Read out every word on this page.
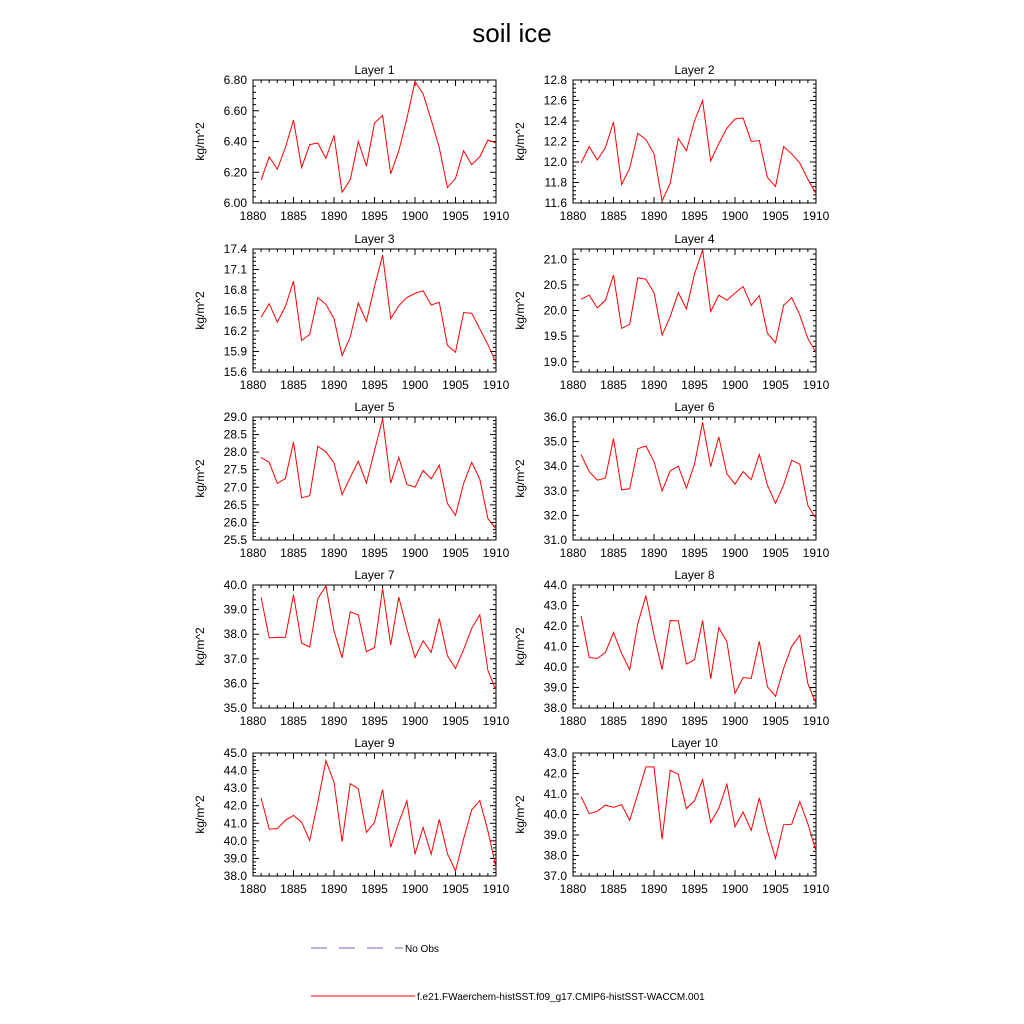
soil ice
Layer 1
kg/m^2
1880 1885 1890 1895 1900 1905 1910
6.00
6.20
6.40
6.60
6.80
Layer 2
kg/m^2
1880 1885 1890 1895 1900 1905 1910
11.6
11.8
12.0
12.2
12.4
12.6
12.8
Layer 3
kg/m^2
1880 1885 1890 1895 1900 1905 1910
15.6
15.9
16.2
16.5
16.8
17.1
17.4
Layer 4
kg/m^2
1880 1885 1890 1895 1900 1905 1910
19.0
19.5
20.0
20.5
21.0
Layer 5
kg/m^2
1880 1885 1890 1895 1900 1905 1910
25.5
26.0
26.5
27.0
27.5
28.0
28.5
29.0
Layer 6
kg/m^2
1880 1885 1890 1895 1900 1905 1910
31.0
32.0
33.0
34.0
35.0
36.0
Layer 7
kg/m^2
1880 1885 1890 1895 1900 1905 1910
35.0
36.0
37.0
38.0
39.0
40.0
Layer 8
kg/m^2
1880 1885 1890 1895 1900 1905 1910
38.0
39.0
40.0
41.0
42.0
43.0
44.0
Layer 9
kg/m^2
1880 1885 1890 1895 1900 1905 1910
38.0
39.0
40.0
41.0
42.0
43.0
44.0
45.0
Layer 10
kg/m^2
1880 1885 1890 1895 1900 1905 1910
37.0
38.0
39.0
40.0
41.0
42.0
43.0
No Obs
f.e21.FWaerchem-histSST.f09_g17.CMIP6-histSST-WACCM.001
